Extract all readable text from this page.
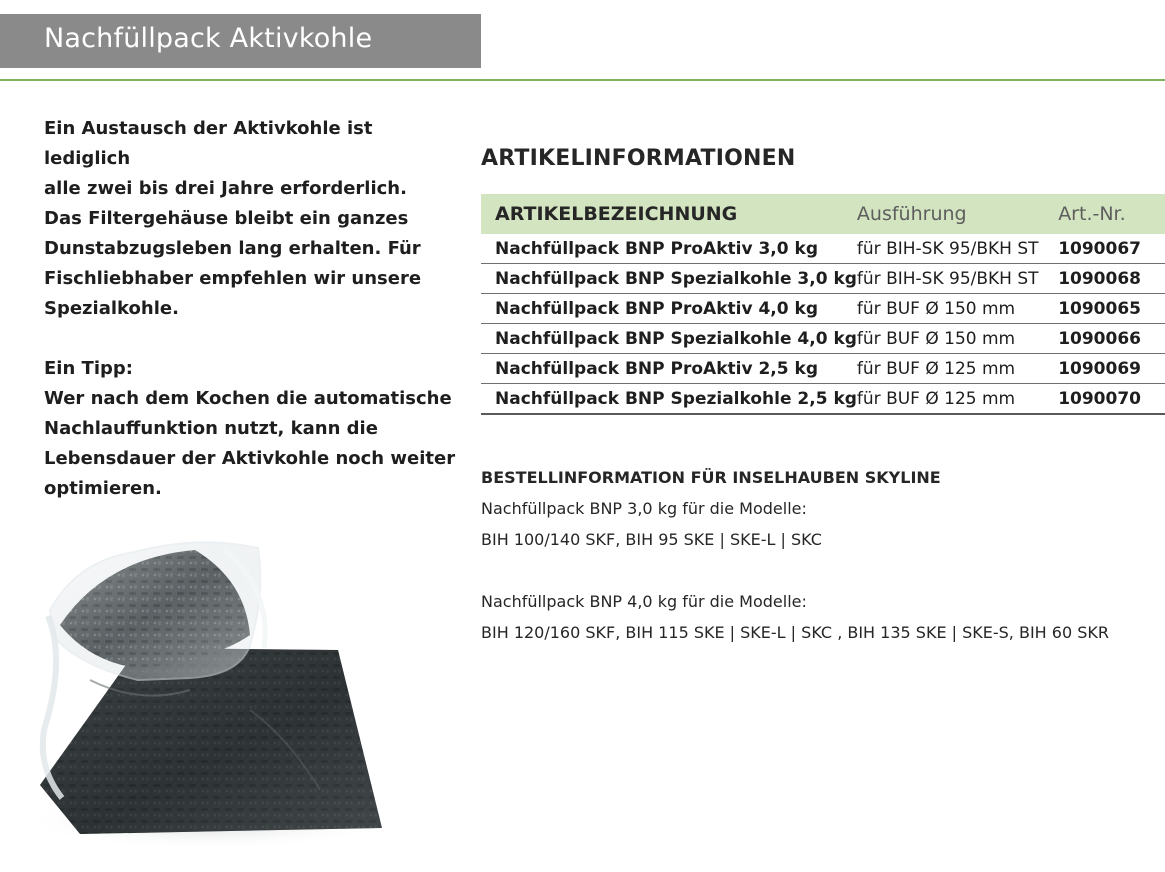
Nachfüllpack Aktivkohle

Ein Austausch der Aktivkohle ist lediglich

alle zwei bis drei Jahre erforderlich.

Das Filtergehäuse bleibt ein ganzes

Dunstabzugsleben lang erhalten. Für

Fischliebhaber empfehlen wir unsere

Spezialkohle.

Ein Tipp:

Wer nach dem Kochen die automatische

Nachlauffunktion nutzt, kann die

Lebensdauer der Aktivkohle noch weiter

optimieren.

ARTIKELINFORMATIONEN
ARTIKELBEZEICHNUNG	Ausführung	Art.-Nr.
Nachfüllpack BNP ProAktiv 3,0 kg	für BIH-SK 95/BKH ST	1090067
Nachfüllpack BNP Spezialkohle 3,0 kg	für BIH-SK 95/BKH ST	1090068
Nachfüllpack BNP ProAktiv 4,0 kg	für BUF Ø 150 mm	1090065
Nachfüllpack BNP Spezialkohle 4,0 kg	für BUF Ø 150 mm	1090066
Nachfüllpack BNP ProAktiv 2,5 kg	für BUF Ø 125 mm	1090069
Nachfüllpack BNP Spezialkohle 2,5 kg	für BUF Ø 125 mm	1090070

BESTELLINFORMATION FÜR INSELHAUBEN SKYLINE

Nachfüllpack BNP 3,0 kg für die Modelle:

BIH 100/140 SKF, BIH 95 SKE | SKE-L | SKC

Nachfüllpack BNP 4,0 kg für die Modelle:

BIH 120/160 SKF, BIH 115 SKE | SKE-L | SKC , BIH 135 SKE | SKE-S, BIH 60 SKR
